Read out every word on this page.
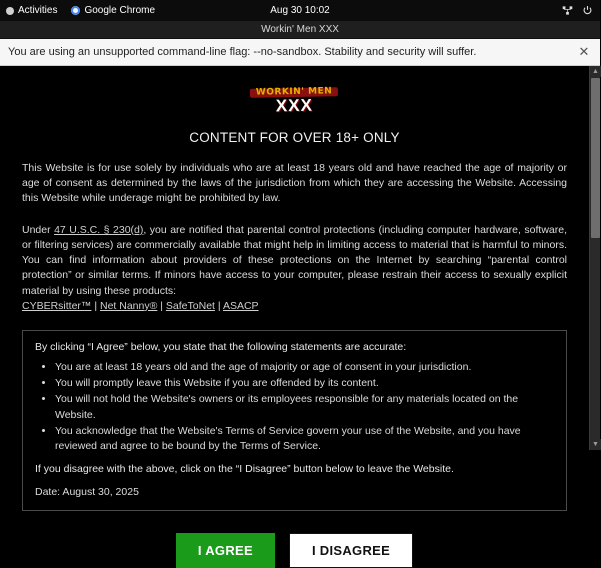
Activities	Google Chrome	Aug 30 10:02
Workin' Men XXX
You are using an unsupported command-line flag: --no-sandbox. Stability and security will suffer.	✕
WORKIN' MEN
XXX
CONTENT FOR OVER 18+ ONLY

This Website is for use solely by individuals who are at least 18 years old and have reached the age of majority or age of consent as determined by the laws of the jurisdiction from which they are accessing the Website. Accessing this Website while underage might be prohibited by law.

Under 47 U.S.C. § 230(d), you are notified that parental control protections (including computer hardware, software, or filtering services) are commercially available that might help in limiting access to material that is harmful to minors. You can find information about providers of these protections on the Internet by searching “parental control protection” or similar terms. If minors have access to your computer, please restrain their access to sexually explicit material by using these products:
CYBERsitter™ | Net Nanny® | SafeToNet | ASACP

By clicking “I Agree” below, you state that the following statements are accurate:

• You are at least 18 years old and the age of majority or age of consent in your jurisdiction.
• You will promptly leave this Website if you are offended by its content.
• You will not hold the Website's owners or its employees responsible for any materials located on the Website.
• You acknowledge that the Website's Terms of Service govern your use of the Website, and you have reviewed and agree to be bound by the Terms of Service.

If you disagree with the above, click on the “I Disagree” button below to leave the Website.

Date: August 30, 2025

I AGREE	I DISAGREE
▲
▼
